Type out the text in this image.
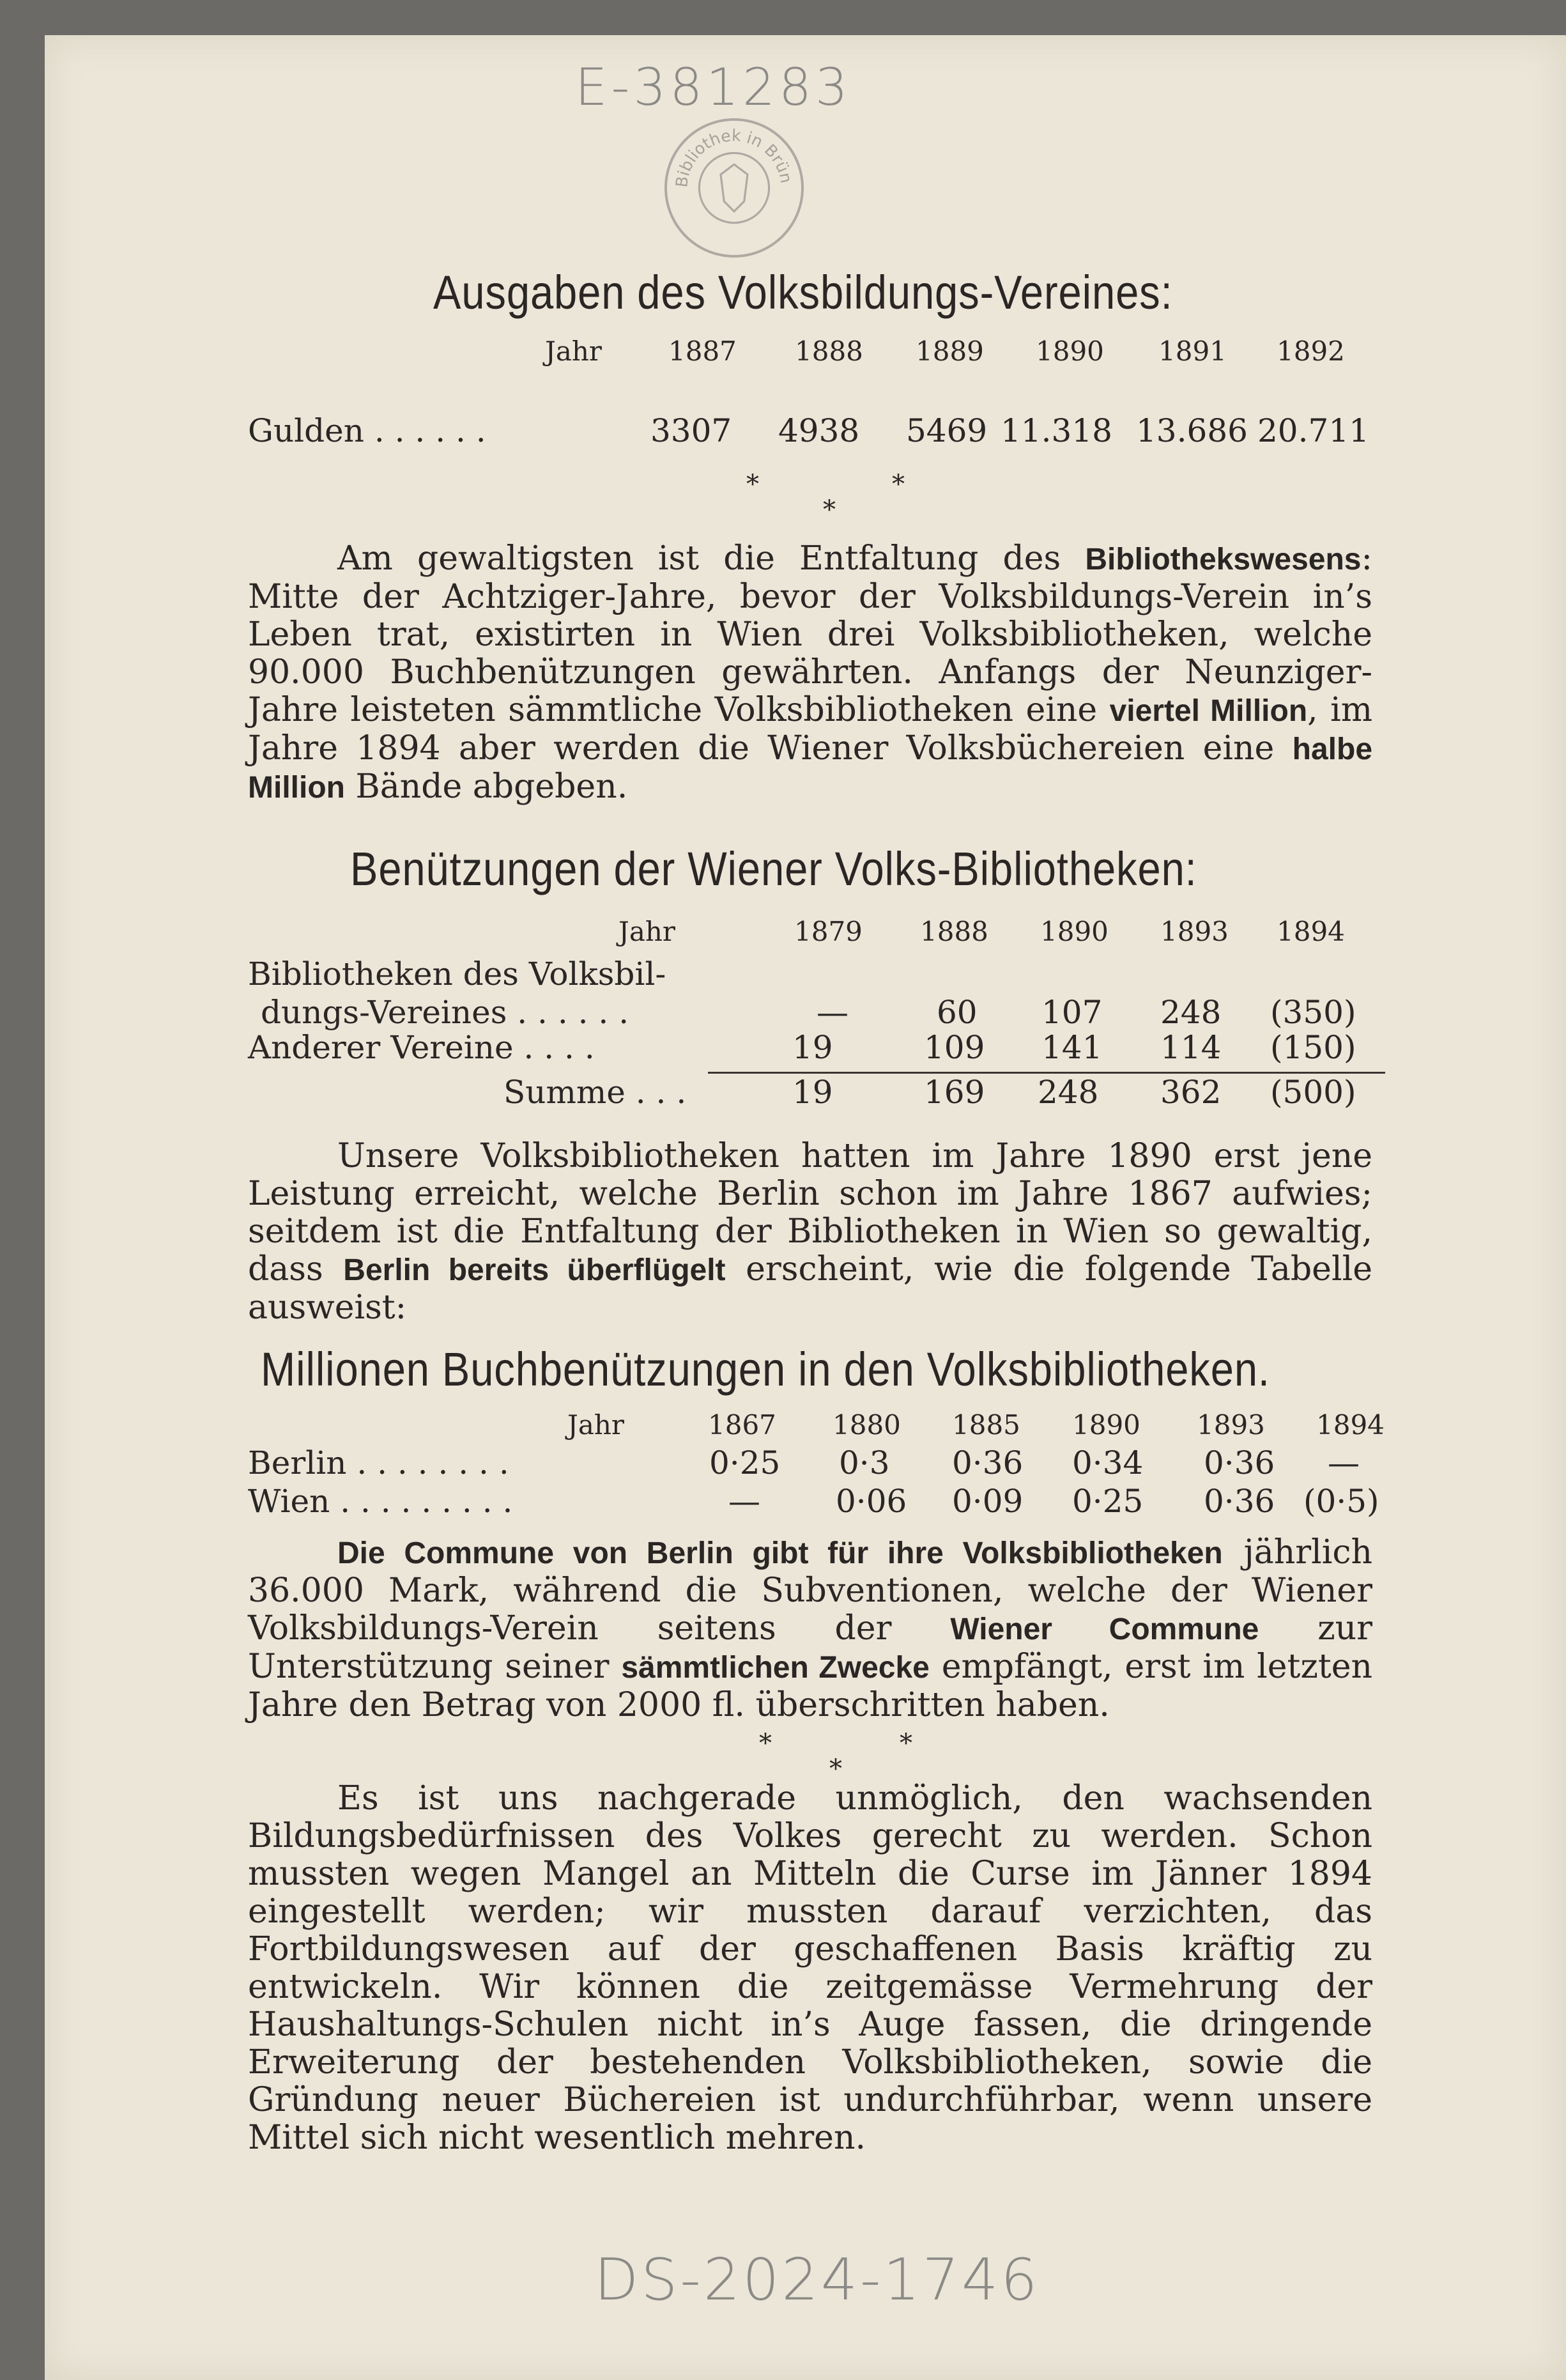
E-381283
Bibliothek in Brün
Ausgaben des Volksbildungs-Vereines:
Jahr 1887 1888 1889 1890 1891 1892
Gulden . . . . . .	3307 4938 5469 11.318 13.686 20.711
*
*
*

Am gewaltigsten ist die Entfaltung des Bibliothekswesens: Mitte der Achtziger-Jahre, bevor der Volksbildungs-Verein in’s Leben trat, existirten in Wien drei Volksbibliotheken, welche 90.000 Buchbenützungen gewährten. Anfangs der Neunziger-Jahre leisteten sämmtliche Volksbibliotheken eine viertel Million, im Jahre 1894 aber werden die Wiener Volksbüchereien eine halbe Million Bände abgeben.

Benützungen der Wiener Volks-Bibliotheken:
Jahr	1879 1888 1890 1893 1894
Bibliotheken des Volksbil-
dungs-Vereines . . . . . .	—	60 107 248 (350)
Anderer Vereine . . . .	19	109 141 114 (150)
Summe . . .	19	169 248 362 (500)

Unsere Volksbibliotheken hatten im Jahre 1890 erst jene Leistung erreicht, welche Berlin schon im Jahre 1867 aufwies; seitdem ist die Entfaltung der Bibliotheken in Wien so gewaltig, dass Berlin bereits überflügelt erscheint, wie die folgende Tabelle ausweist:

Millionen Buchbenützungen in den Volksbibliotheken.
Jahr	1867 1880 1885 1890 1893 1894
Berlin . . . . . . . .	0·25 0·3 0·36 0·34 0·36 —
Wien . . . . . . . . .	— 0·06 0·09 0·25 0·36 (0·5)

Die Commune von Berlin gibt für ihre Volksbibliotheken jährlich 36.000 Mark, während die Subventionen, welche der Wiener Volksbildungs-Verein seitens der Wiener Commune zur Unterstützung seiner sämmtlichen Zwecke empfängt, erst im letzten Jahre den Betrag von 2000 fl. überschritten haben.

*
*
*

Es ist uns nachgerade unmöglich, den wachsenden Bildungsbedürfnissen des Volkes gerecht zu werden. Schon mussten wegen Mangel an Mitteln die Curse im Jänner 1894 eingestellt werden; wir mussten darauf verzichten, das Fortbildungswesen auf der geschaffenen Basis kräftig zu entwickeln. Wir können die zeitgemässe Vermehrung der Haushaltungs-Schulen nicht in’s Auge fassen, die dringende Erweiterung der bestehenden Volksbibliotheken, sowie die Gründung neuer Büchereien ist undurchführbar, wenn unsere Mittel sich nicht wesentlich mehren.

DS-2024-1746
